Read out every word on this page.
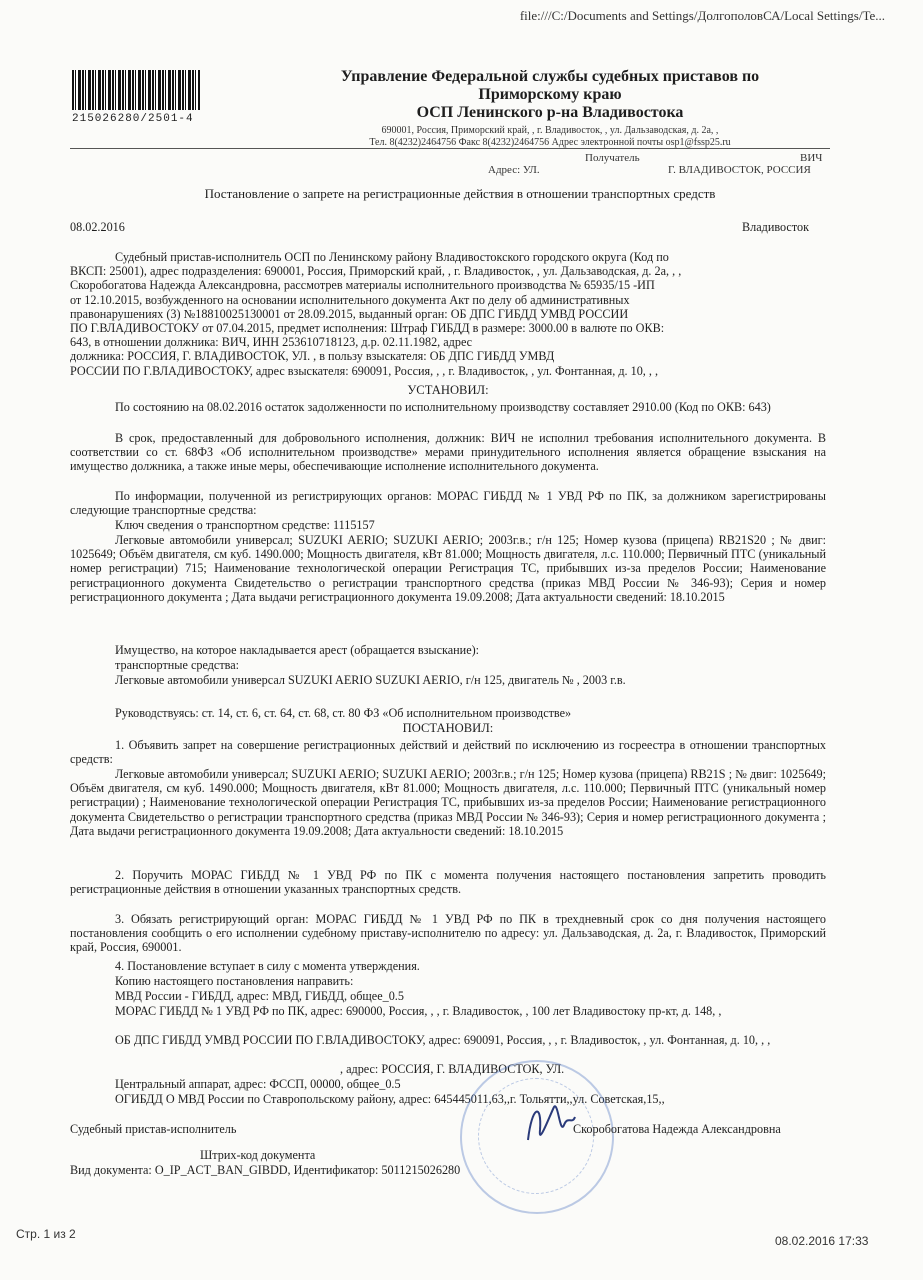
file:///C:/Documents and Settings/ДолгополовСА/Local Settings/Te...
215026280/2501-4
Управление Федеральной службы судебных приставов по
Приморскому краю
ОСП Ленинского р-на Владивостока
690001, Россия, Приморский край, , г. Владивосток, , ул. Дальзаводская, д. 2а, ,
Тел. 8(4232)2464756 Факс 8(4232)2464756 Адрес электронной почты osp1@fssp25.ru
Получатель	ВИЧ
Адрес: УЛ.	Г. ВЛАДИВОСТОК, РОССИЯ
Постановление о запрете на регистрационные действия в отношении транспортных средств
08.02.2016	Владивосток
Судебный пристав-исполнитель ОСП по Ленинскому району Владивостокского городского округа (Код по
ВКСП: 25001), адрес подразделения: 690001, Россия, Приморский край, , г. Владивосток, , ул. Дальзаводская, д. 2а, , ,
Скоробогатова Надежда Александровна, рассмотрев материалы исполнительного производства № 65935/15 -ИП
от 12.10.2015, возбужденного на основании исполнительного документа Акт по делу об административных
правонарушениях (3) №18810025130001 от 28.09.2015, выданный орган: ОБ ДПС ГИБДД УМВД РОССИИ
ПО Г.ВЛАДИВОСТОКУ от 07.04.2015, предмет исполнения: Штраф ГИБДД в размере: 3000.00 в валюте по ОКВ:
643, в отношении должника: ВИЧ, ИНН 253610718123, д.р. 02.11.1982, адрес
должника: РОССИЯ, Г. ВЛАДИВОСТОК, УЛ. , в пользу взыскателя: ОБ ДПС ГИБДД УМВД
РОССИИ ПО Г.ВЛАДИВОСТОКУ, адрес взыскателя: 690091, Россия, , , г. Владивосток, , ул. Фонтанная, д. 10, , ,
УСТАНОВИЛ:
По состоянию на 08.02.2016 остаток задолженности по исполнительному производству составляет 2910.00 (Код по ОКВ: 643)
В срок, предоставленный для добровольного исполнения, должник: ВИЧ не исполнил требования исполнительного документа. В соответствии со ст. 68ФЗ «Об исполнительном производстве» мерами принудительного исполнения является обращение взыскания на имущество должника, а также иные меры, обеспечивающие исполнение исполнительного документа.
По информации, полученной из регистрирующих органов: МОРАС ГИБДД № 1 УВД РФ по ПК, за должником зарегистрированы следующие транспортные средства:
Ключ сведения о транспортном средстве: 1115157
Легковые автомобили универсал; SUZUKI AERIO; SUZUKI AERIO; 2003г.в.; г/н 125; Номер кузова (прицепа) RB21S20 ; № двиг: 1025649; Объём двигателя, см куб. 1490.000; Мощность двигателя, кВт 81.000; Мощность двигателя, л.с. 110.000; Первичный ПТС (уникальный номер регистрации) 715; Наименование технологической операции Регистрация ТС, прибывших из-за пределов России; Наименование регистрационного документа Свидетельство о регистрации транспортного средства (приказ МВД России № 346-93); Серия и номер регистрационного документа ; Дата выдачи регистрационного документа 19.09.2008; Дата актуальности сведений: 18.10.2015
Имущество, на которое накладывается арест (обращается взыскание):
транспортные средства:
Легковые автомобили универсал SUZUKI AERIO SUZUKI AERIO, г/н 125, двигатель № , 2003 г.в.
Руководствуясь: ст. 14, ст. 6, ст. 64, ст. 68, ст. 80 ФЗ «Об исполнительном производстве»
ПОСТАНОВИЛ:
1. Объявить запрет на совершение регистрационных действий и действий по исключению из госреестра в отношении транспортных средств:
Легковые автомобили универсал; SUZUKI AERIO; SUZUKI AERIO; 2003г.в.; г/н 125; Номер кузова (прицепа) RB21S ; № двиг: 1025649; Объём двигателя, см куб. 1490.000; Мощность двигателя, кВт 81.000; Мощность двигателя, л.с. 110.000; Первичный ПТС (уникальный номер регистрации) ; Наименование технологической операции Регистрация ТС, прибывших из-за пределов России; Наименование регистрационного документа Свидетельство о регистрации транспортного средства (приказ МВД России № 346-93); Серия и номер регистрационного документа ; Дата выдачи регистрационного документа 19.09.2008; Дата актуальности сведений: 18.10.2015
2. Поручить МОРАС ГИБДД № 1 УВД РФ по ПК с момента получения настоящего постановления запретить проводить регистрационные действия в отношении указанных транспортных средств.
3. Обязать регистрирующий орган: МОРАС ГИБДД № 1 УВД РФ по ПК в трехдневный срок со дня получения настоящего постановления сообщить о его исполнении судебному приставу-исполнителю по адресу: ул. Дальзаводская, д. 2а, г. Владивосток, Приморский край, Россия, 690001.
4. Постановление вступает в силу с момента утверждения.
Копию настоящего постановления направить:
МВД России - ГИБДД, адрес: МВД, ГИБДД, общее_0.5
МОРАС ГИБДД № 1 УВД РФ по ПК, адрес: 690000, Россия, , , г. Владивосток, , 100 лет Владивостоку пр-кт, д. 148, ,
ОБ ДПС ГИБДД УМВД РОССИИ ПО Г.ВЛАДИВОСТОКУ, адрес: 690091, Россия, , , г. Владивосток, , ул. Фонтанная, д. 10, , ,
, адрес: РОССИЯ, Г. ВЛАДИВОСТОК, УЛ.
Центральный аппарат, адрес: ФССП, 00000, общее_0.5
ОГИБДД О МВД России по Ставропольскому району, адрес: 645445011,63,,г. Тольятти,,ул. Советская,15,,
Судебный пристав-исполнитель	Скоробогатова Надежда Александровна
Штрих-код документа
Вид документа: O_IP_ACT_BAN_GIBDD, Идентификатор: 5011215026280
Стр. 1 из 2	08.02.2016 17:33
